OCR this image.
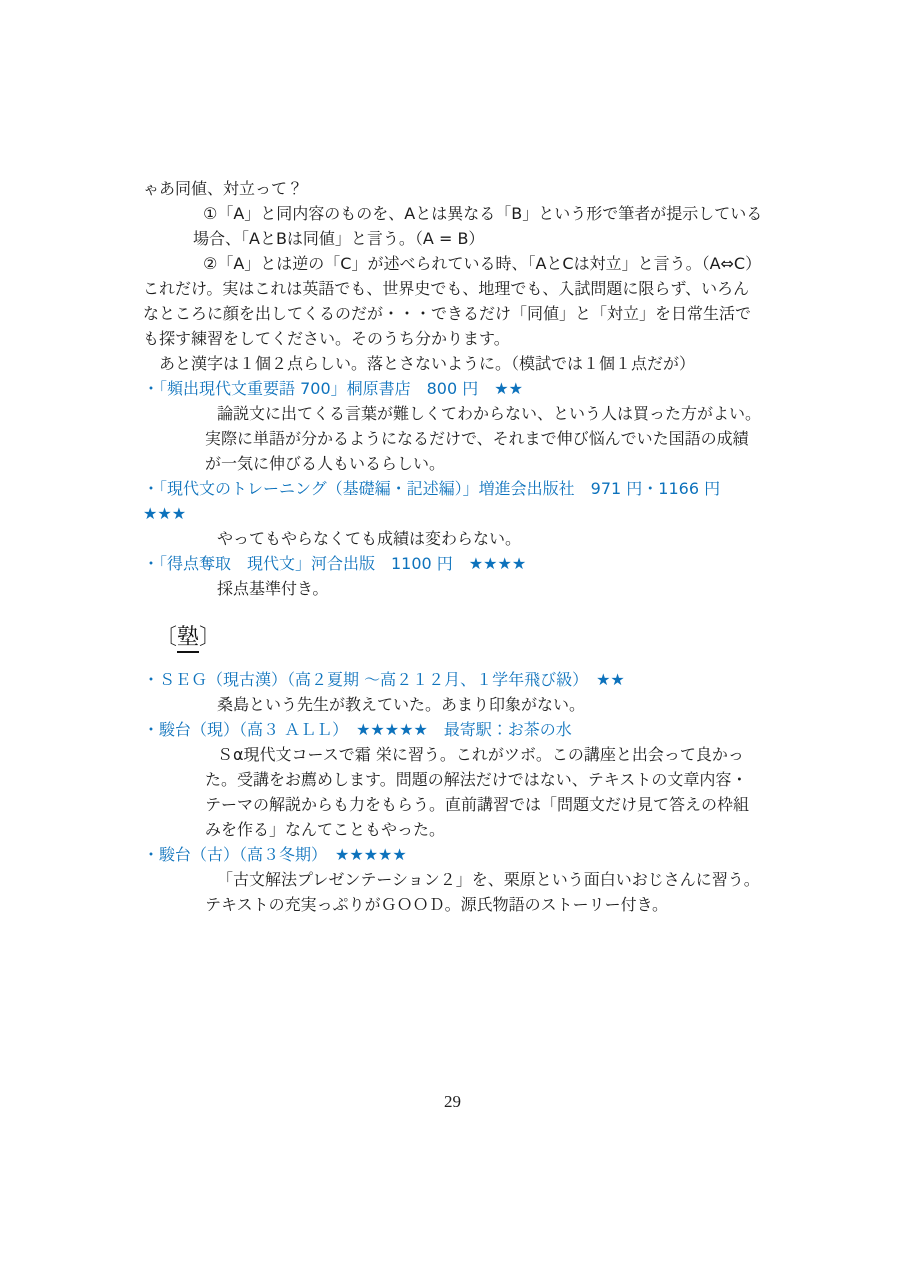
ゃあ同値、対立って？

①「A」と同内容のものを、Aとは異なる「B」という形で筆者が提示している場合、「AとBは同値」と言う。（A = B）

②「A」とは逆の「C」が述べられている時、「AとCは対立」と言う。（A⇔C）

これだけ。実はこれは英語でも、世界史でも、地理でも、入試問題に限らず、いろんなところに顔を出してくるのだが・・・できるだけ「同値」と「対立」を日常生活でも探す練習をしてください。そのうち分かります。

あと漢字は１個２点らしい。落とさないように。（模試では１個１点だが）

・「頻出現代文重要語 700」桐原書店　800 円　★★

論説文に出てくる言葉が難しくてわからない、という人は買った方がよい。実際に単語が分かるようになるだけで、それまで伸び悩んでいた国語の成績が一気に伸びる人もいるらしい。

・「現代文のトレーニング（基礎編・記述編）」増進会出版社　971 円・1166 円　★★★

やってもやらなくても成績は変わらない。

・「得点奪取　現代文」河合出版　1100 円　★★★★

採点基準付き。

〔塾〕

・ＳＥＧ（現古漢）（高２夏期 ～高２１２月、１学年飛び級）　★★

桑島という先生が教えていた。あまり印象がない。

・駿台（現）（高３ ＡＬＬ）　★★★★★　最寄駅：お茶の水

Ｓα現代文コースで霜 栄に習う。これがツボ。この講座と出会って良かった。受講をお薦めします。問題の解法だけではない、テキストの文章内容・テーマの解説からも力をもらう。直前講習では「問題文だけ見て答えの枠組みを作る」なんてこともやった。

・駿台（古）（高３冬期）　★★★★★

「古文解法プレゼンテーション２」を、栗原という面白いおじさんに習う。テキストの充実っぷりがＧＯＯＤ。源氏物語のストーリー付き。

29
